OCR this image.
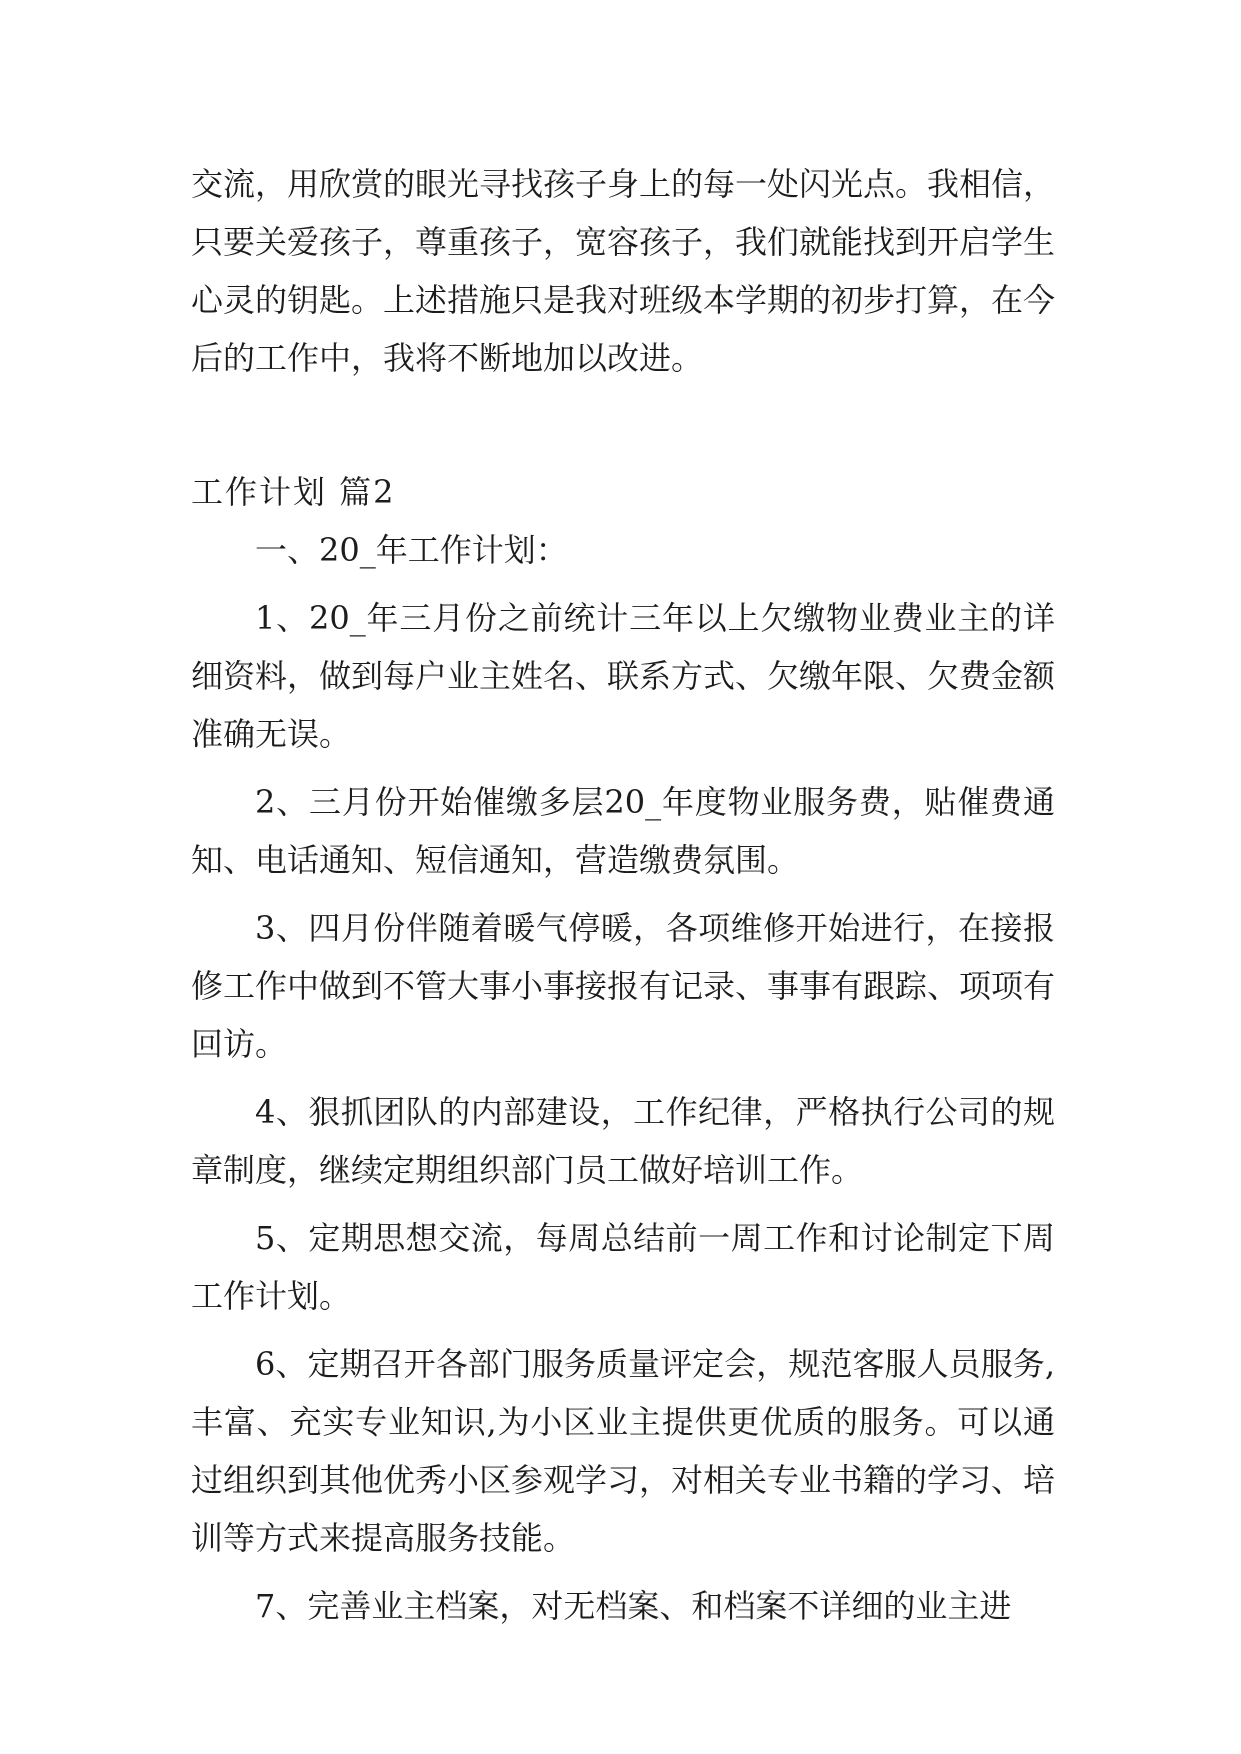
交流，用欣赏的眼光寻找孩子身上的每一处闪光点。我相信，只要关爱孩子，尊重孩子，宽容孩子，我们就能找到开启学生心灵的钥匙。上述措施只是我对班级本学期的初步打算，在今后的工作中，我将不断地加以改进。

工作计划 篇2

一、20_年工作计划：

1、20_年三月份之前统计三年以上欠缴物业费业主的详细资料，做到每户业主姓名、联系方式、欠缴年限、欠费金额准确无误。

2、三月份开始催缴多层20_年度物业服务费，贴催费通知、电话通知、短信通知，营造缴费氛围。

3、四月份伴随着暖气停暖，各项维修开始进行，在接报修工作中做到不管大事小事接报有记录、事事有跟踪、项项有回访。

4、狠抓团队的内部建设，工作纪律，严格执行公司的规章制度，继续定期组织部门员工做好培训工作。

5、定期思想交流，每周总结前一周工作和讨论制定下周工作计划。

6、定期召开各部门服务质量评定会，规范客服人员服务,丰富、充实专业知识,为小区业主提供更优质的服务。可以通过组织到其他优秀小区参观学习，对相关专业书籍的学习、培训等方式来提高服务技能。

7、完善业主档案，对无档案、和档案不详细的业主进
